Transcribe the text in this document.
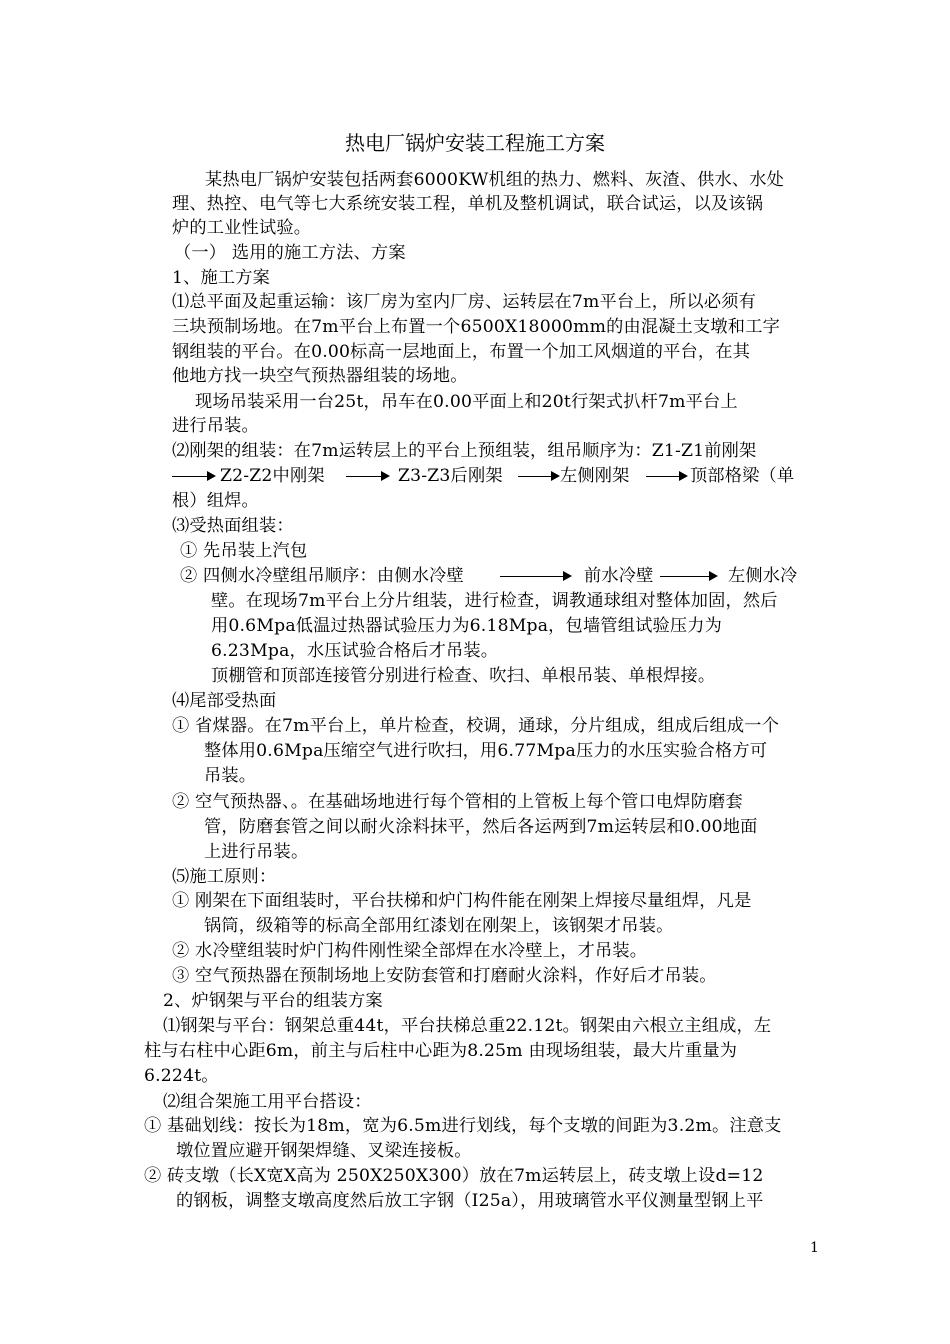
热电厂锅炉安装工程施工方案
某热电厂锅炉安装包括两套6000KW机组的热力、燃料、灰渣、供水、水处
理、热控、电气等七大系统安装工程，单机及整机调试，联合试运，以及该锅
炉的工业性试验。
（一） 选用的施工方法、方案
1、施工方案
⑴总平面及起重运输：该厂房为室内厂房、运转层在7m平台上，所以必须有
三块预制场地。在7m平台上布置一个6500X18000mm的由混凝土支墩和工字
钢组装的平台。在0.00标高一层地面上，布置一个加工风烟道的平台，在其
他地方找一块空气预热器组装的场地。
现场吊装采用一台25t，吊车在0.00平面上和20t行架式扒杆7m平台上
进行吊装。
⑵刚架的组装：在7m运转层上的平台上预组装，组吊顺序为：Z1-Z1前刚架
Z2-Z2中刚架	Z3-Z3后刚架	左侧刚架	顶部格梁（单
根）组焊。
⑶受热面组装：
① 先吊装上汽包
② 四侧水冷壁组吊顺序：由侧水冷壁	前水冷壁	左侧水冷
壁。在现场7m平台上分片组装，进行检查，调教通球组对整体加固，然后
用0.6Mpa低温过热器试验压力为6.18Mpa，包墙管组试验压力为
6.23Mpa，水压试验合格后才吊装。
顶棚管和顶部连接管分别进行检查、吹扫、单根吊装、单根焊接。
⑷尾部受热面
① 省煤器。在7m平台上，单片检查，校调，通球，分片组成，组成后组成一个
整体用0.6Mpa压缩空气进行吹扫，用6.77Mpa压力的水压实验合格方可
吊装。
② 空气预热器、。在基础场地进行每个管相的上管板上每个管口电焊防磨套
管，防磨套管之间以耐火涂料抹平，然后各运两到7m运转层和0.00地面
上进行吊装。
⑸施工原则：
① 刚架在下面组装时，平台扶梯和炉门构件能在刚架上焊接尽量组焊，凡是
锅筒，级箱等的标高全部用红漆划在刚架上，该钢架才吊装。
② 水冷壁组装时炉门构件刚性梁全部焊在水冷壁上，才吊装。
③ 空气预热器在预制场地上安防套管和打磨耐火涂料，作好后才吊装。
2、炉钢架与平台的组装方案
⑴钢架与平台：钢架总重44t，平台扶梯总重22.12t。钢架由六根立主组成，左
柱与右柱中心距6m，前主与后柱中心距为8.25m 由现场组装，最大片重量为
6.224t。
⑵组合架施工用平台搭设：
① 基础划线：按长为18m，宽为6.5m进行划线，每个支墩的间距为3.2m。注意支
墩位置应避开钢架焊缝、叉梁连接板。
② 砖支墩（长X宽X高为 250X250X300）放在7m运转层上，砖支墩上设d=12
的钢板，调整支墩高度然后放工字钢（I25a），用玻璃管水平仪测量型钢上平
1
